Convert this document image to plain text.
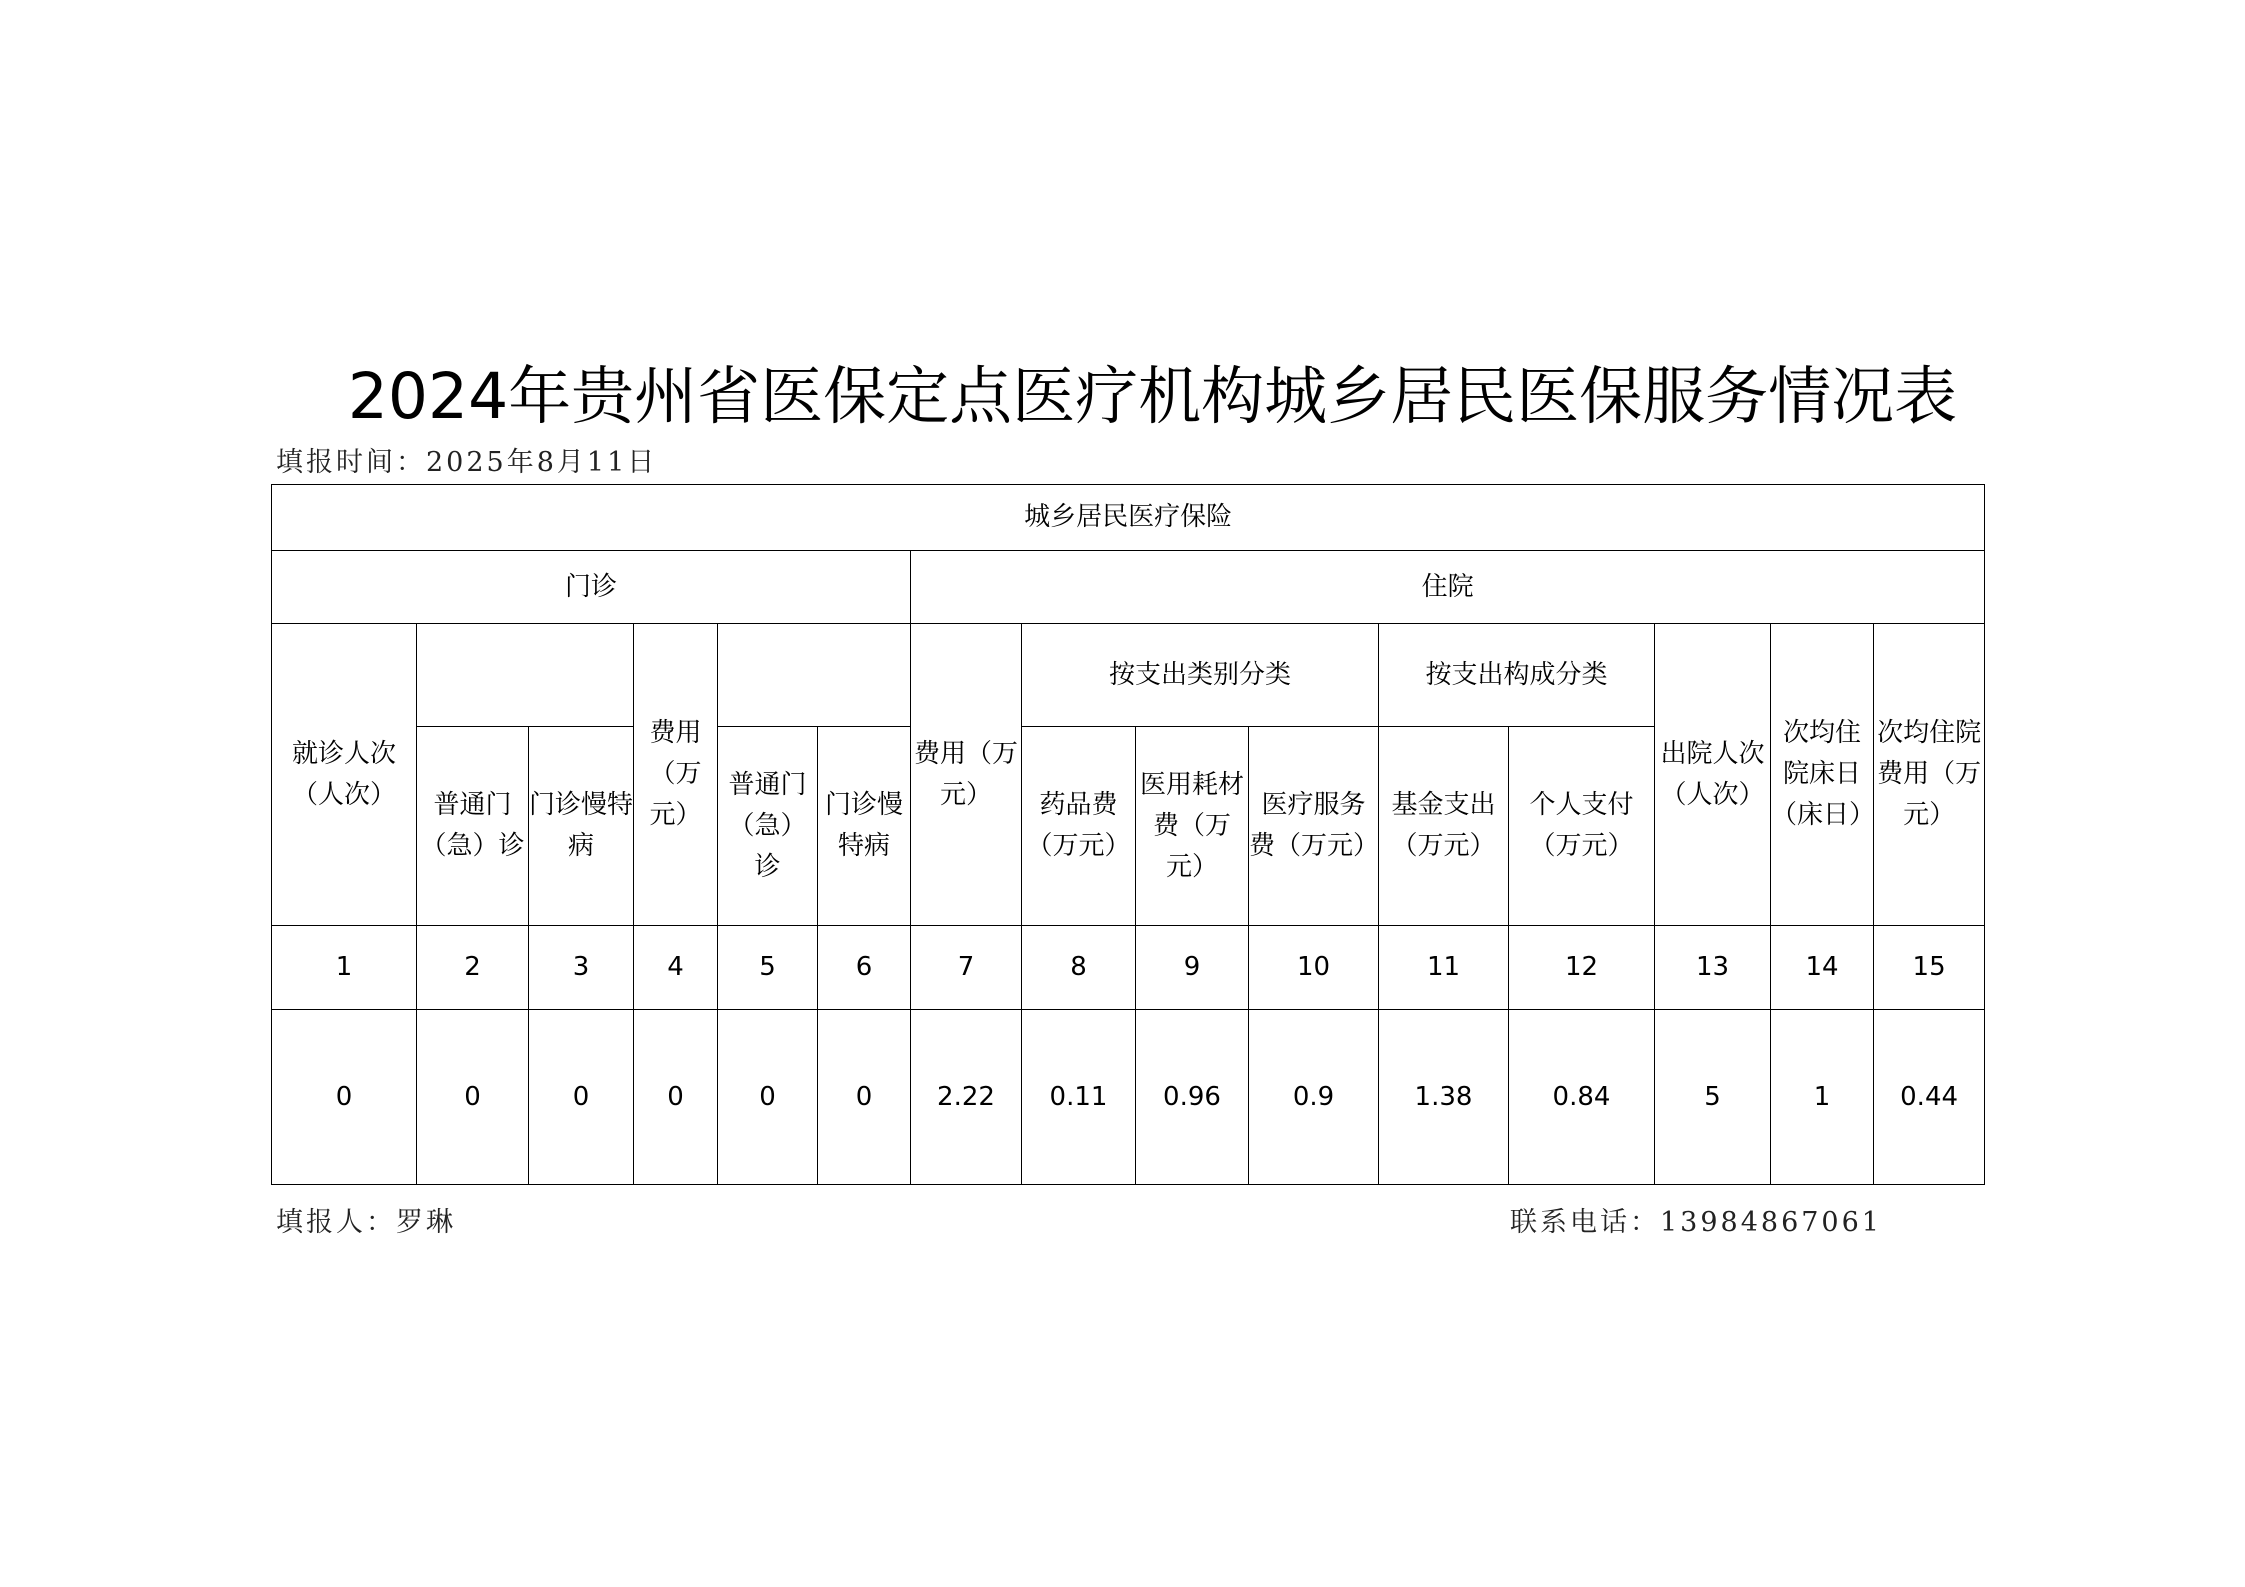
2024年贵州省医保定点医疗机构城乡居民医保服务情况表
填报时间：2025年8月11日
城乡居民医疗保险														
门诊						住院								
就诊人次（人次）			费用（万元）			费用（万元）	按支出类别分类			按支出构成分类		出院人次（人次）	次均住院床日（床日）	次均住院费用（万元）
	普通门（急）诊	门诊慢特病		普通门（急）诊	门诊慢特病		药品费（万元）	医用耗材费（万元）	医疗服务费（万元）	基金支出（万元）	个人支付（万元）			
1	2	3	4	5	6	7	8	9	10	11	12	13	14	15
0	0	0	0	0	0	2.22	0.11	0.96	0.9	1.38	0.84	5	1	0.44
填报人：罗琳	联系电话：13984867061
